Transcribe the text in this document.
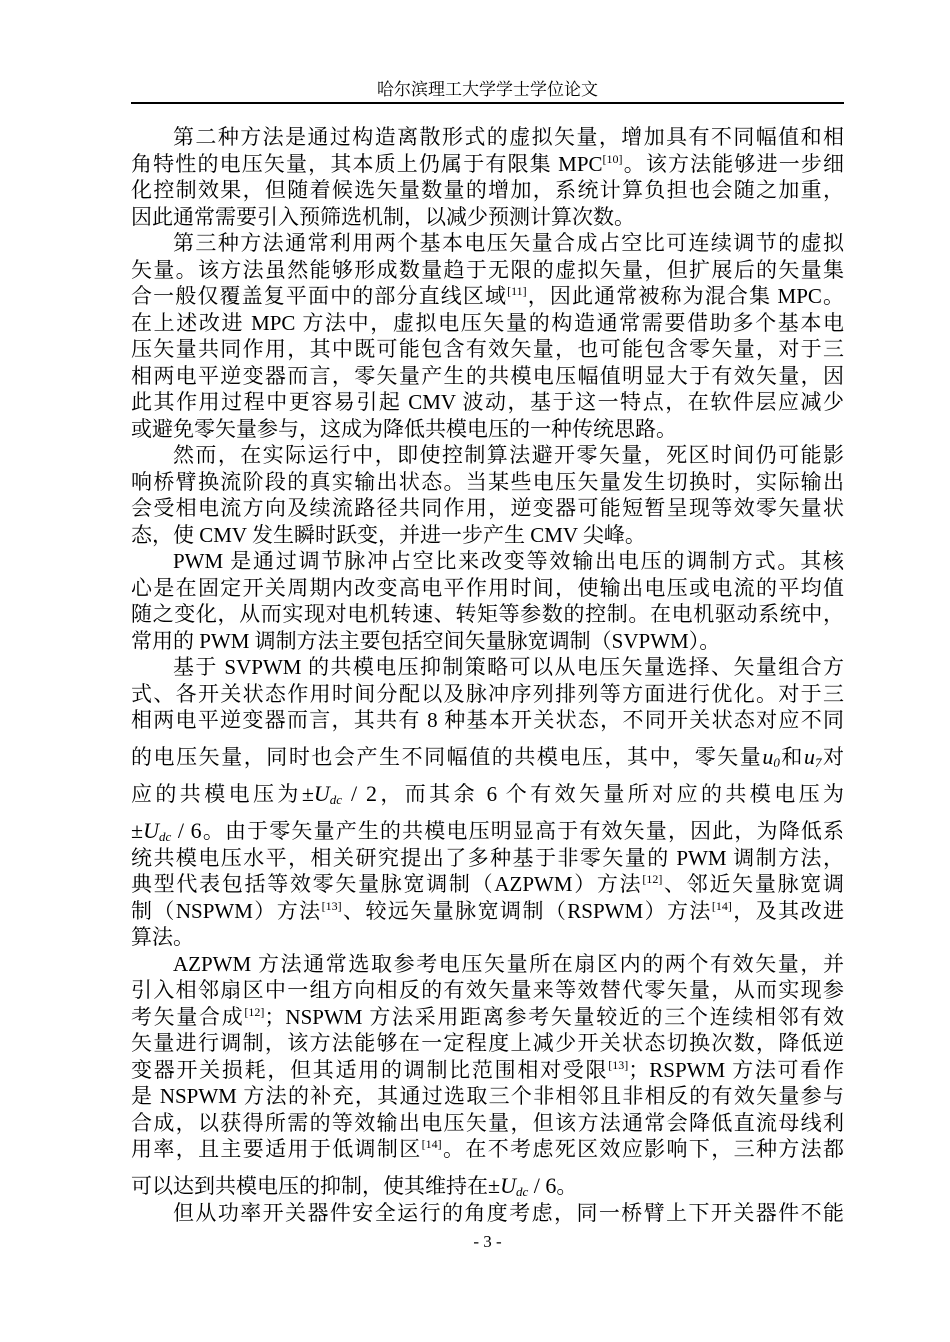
哈尔滨理工大学学士学位论文
第二种方法是通过构造离散形式的虚拟矢量，增加具有不同幅值和相
角特性的电压矢量，其本质上仍属于有限集 MPC[10]。该方法能够进一步细
化控制效果，但随着候选矢量数量的增加，系统计算负担也会随之加重，
因此通常需要引入预筛选机制，以减少预测计算次数。
第三种方法通常利用两个基本电压矢量合成占空比可连续调节的虚拟
矢量。该方法虽然能够形成数量趋于无限的虚拟矢量，但扩展后的矢量集
合一般仅覆盖复平面中的部分直线区域[11]，因此通常被称为混合集 MPC。
在上述改进 MPC 方法中，虚拟电压矢量的构造通常需要借助多个基本电
压矢量共同作用，其中既可能包含有效矢量，也可能包含零矢量，对于三
相两电平逆变器而言，零矢量产生的共模电压幅值明显大于有效矢量，因
此其作用过程中更容易引起 CMV 波动，基于这一特点，在软件层应减少
或避免零矢量参与，这成为降低共模电压的一种传统思路。
然而，在实际运行中，即使控制算法避开零矢量，死区时间仍可能影
响桥臂换流阶段的真实输出状态。当某些电压矢量发生切换时，实际输出
会受相电流方向及续流路径共同作用，逆变器可能短暂呈现等效零矢量状
态，使 CMV 发生瞬时跃变，并进一步产生 CMV 尖峰。
PWM 是通过调节脉冲占空比来改变等效输出电压的调制方式。其核
心是在固定开关周期内改变高电平作用时间，使输出电压或电流的平均值
随之变化，从而实现对电机转速、转矩等参数的控制。在电机驱动系统中，
常用的 PWM 调制方法主要包括空间矢量脉宽调制（SVPWM）。
基于 SVPWM 的共模电压抑制策略可以从电压矢量选择、矢量组合方
式、各开关状态作用时间分配以及脉冲序列排列等方面进行优化。对于三
相两电平逆变器而言，其共有 8 种基本开关状态，不同开关状态对应不同
的电压矢量，同时也会产生不同幅值的共模电压，其中，零矢量$u_0$和$u_7$对
应的共模电压为$\pm U_{dc} / 2$，而其余 6 个有效矢量所对应的共模电压为
$\pm U_{dc} / 6$。由于零矢量产生的共模电压明显高于有效矢量，因此，为降低系
统共模电压水平，相关研究提出了多种基于非零矢量的 PWM 调制方法，
典型代表包括等效零矢量脉宽调制（AZPWM）方法[12]、邻近矢量脉宽调
制（NSPWM）方法[13]、较远矢量脉宽调制（RSPWM）方法[14]，及其改进
算法。
AZPWM 方法通常选取参考电压矢量所在扇区内的两个有效矢量，并
引入相邻扇区中一组方向相反的有效矢量来等效替代零矢量，从而实现参
考矢量合成[12]；NSPWM 方法采用距离参考矢量较近的三个连续相邻有效
矢量进行调制，该方法能够在一定程度上减少开关状态切换次数，降低逆
变器开关损耗，但其适用的调制比范围相对受限[13]；RSPWM 方法可看作
是 NSPWM 方法的补充，其通过选取三个非相邻且非相反的有效矢量参与
合成，以获得所需的等效输出电压矢量，但该方法通常会降低直流母线利
用率，且主要适用于低调制区[14]。在不考虑死区效应影响下，三种方法都
可以达到共模电压的抑制，使其维持在$\pm U_{dc} / 6$。
但从功率开关器件安全运行的角度考虑，同一桥臂上下开关器件不能
- 3 -
